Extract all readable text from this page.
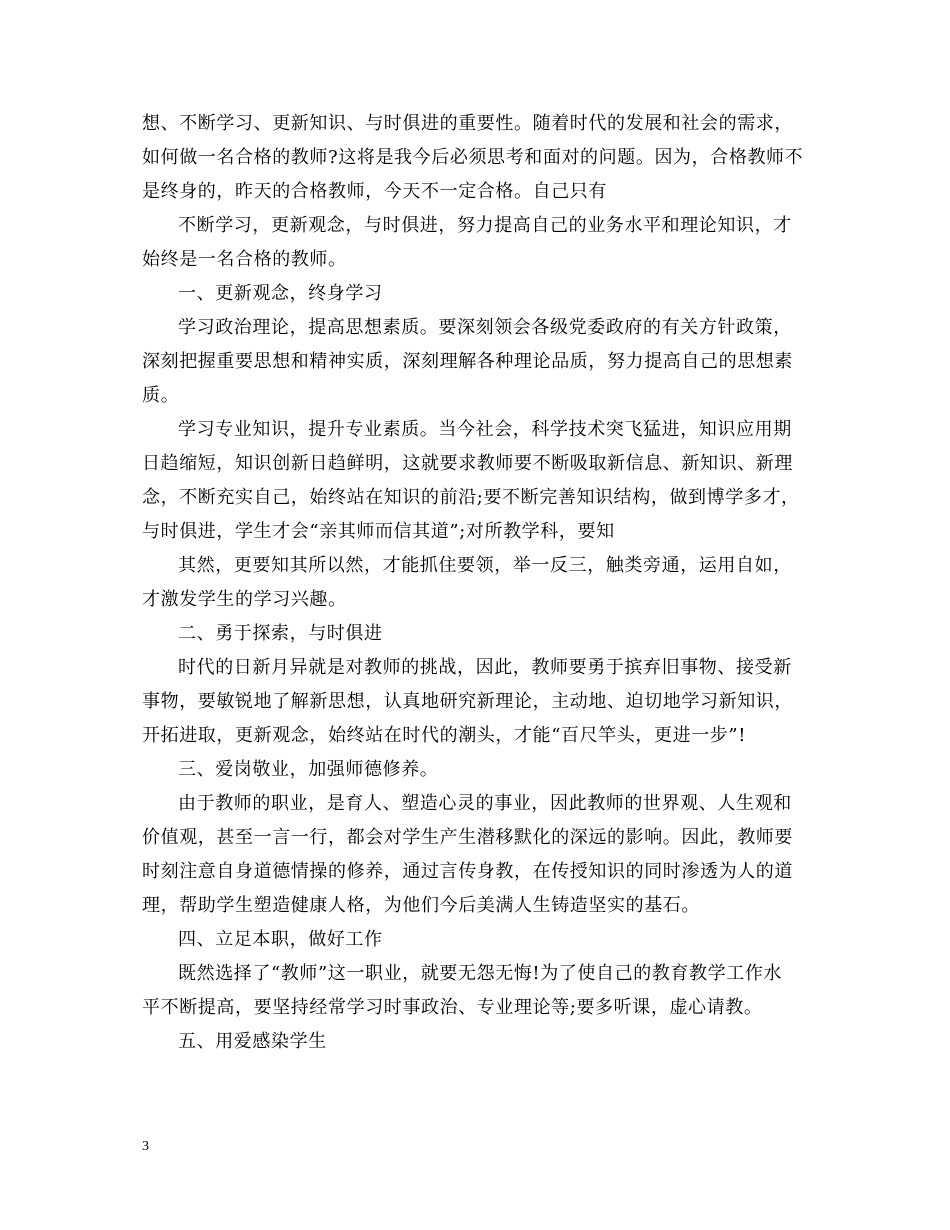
想、不断学习、更新知识、与时俱进的重要性。随着时代的发展和社会的需求，
如何做一名合格的教师?这将是我今后必须思考和面对的问题。因为，合格教师不
是终身的，昨天的合格教师，今天不一定合格。自己只有
不断学习，更新观念，与时俱进，努力提高自己的业务水平和理论知识，才
始终是一名合格的教师。
一、更新观念，终身学习
学习政治理论，提高思想素质。要深刻领会各级党委政府的有关方针政策，
深刻把握重要思想和精神实质，深刻理解各种理论品质，努力提高自己的思想素
质。
学习专业知识，提升专业素质。当今社会，科学技术突飞猛进，知识应用期
日趋缩短，知识创新日趋鲜明，这就要求教师要不断吸取新信息、新知识、新理
念，不断充实自己，始终站在知识的前沿;要不断完善知识结构，做到博学多才，
与时俱进，学生才会“亲其师而信其道”;对所教学科，要知
其然，更要知其所以然，才能抓住要领，举一反三，触类旁通，运用自如，
才激发学生的学习兴趣。
二、勇于探索，与时俱进
时代的日新月异就是对教师的挑战，因此，教师要勇于摈弃旧事物、接受新
事物，要敏锐地了解新思想，认真地研究新理论，主动地、迫切地学习新知识，
开拓进取，更新观念，始终站在时代的潮头，才能“百尺竿头，更进一步”!
三、爱岗敬业，加强师德修养。
由于教师的职业，是育人、塑造心灵的事业，因此教师的世界观、人生观和
价值观，甚至一言一行，都会对学生产生潜移默化的深远的影响。因此，教师要
时刻注意自身道德情操的修养，通过言传身教，在传授知识的同时渗透为人的道
理，帮助学生塑造健康人格，为他们今后美满人生铸造坚实的基石。
四、立足本职，做好工作
既然选择了“教师”这一职业，就要无怨无悔!为了使自己的教育教学工作水
平不断提高，要坚持经常学习时事政治、专业理论等;要多听课，虚心请教。
五、用爱感染学生
3
